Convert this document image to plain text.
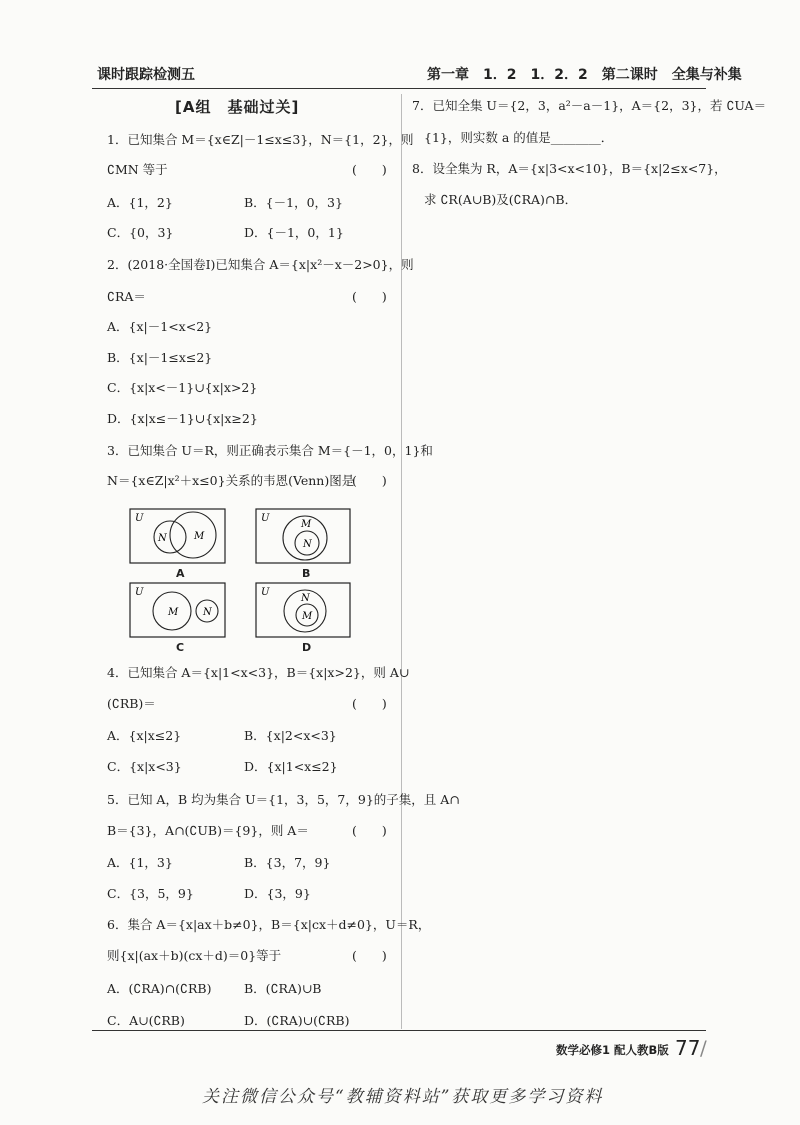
课时跟踪检测五	第一章　1．2　1．2．2　第二课时　全集与补集
[A组　基础过关]
1．已知集合 M＝{x∈Z|－1≤x≤3}，N＝{1，2}，则
∁MN 等于	(　　)
A．{1，2}	B．{－1，0，3}
C．{0，3}	D．{－1，0，1}
2．(2018·全国卷Ⅰ)已知集合 A＝{x|x²－x－2>0}，则
∁RA＝	(　　)
A．{x|－1<x<2}
B．{x|－1≤x≤2}
C．{x|x<－1}∪{x|x>2}
D．{x|x≤－1}∪{x|x≥2}
3．已知集合 U＝R，则正确表示集合 M＝{－1，0，1}和
N＝{x∈Z|x²＋x≤0}关系的韦恩(Venn)图是
(　　)
U
N	M
U
M
N
U
M N
U
N
M
A	B
C	D
4．已知集合 A＝{x|1<x<3}，B＝{x|x>2}，则 A∪
(∁RB)＝	(　　)
A．{x|x≤2}	B．{x|2<x<3}
C．{x|x<3}	D．{x|1<x≤2}
5．已知 A，B 均为集合 U＝{1，3，5，7，9}的子集，且 A∩
B＝{3}，A∩(∁UB)＝{9}，则 A＝	(　　)
A．{1，3}	B．{3，7，9}
C．{3，5，9}	D．{3，9}
6．集合 A＝{x|ax＋b≠0}，B＝{x|cx＋d≠0}，U＝R，
则{x|(ax＋b)(cx＋d)＝0}等于	(　　)
A．(∁RA)∩(∁RB)	B．(∁RA)∪B
C．A∪(∁RB)	D．(∁RA)∪(∁RB)
7．已知全集 U＝{2，3，a²－a－1}，A＝{2，3}，若 ∁UA＝
{1}，则实数 a 的值是________．
8．设全集为 R，A＝{x|3<x<10}，B＝{x|2≤x<7}，
求 ∁R(A∪B)及(∁RA)∩B．
数学必修1 配人教B版 77 /
关注微信公众号“教辅资料站”获取更多学习资料
